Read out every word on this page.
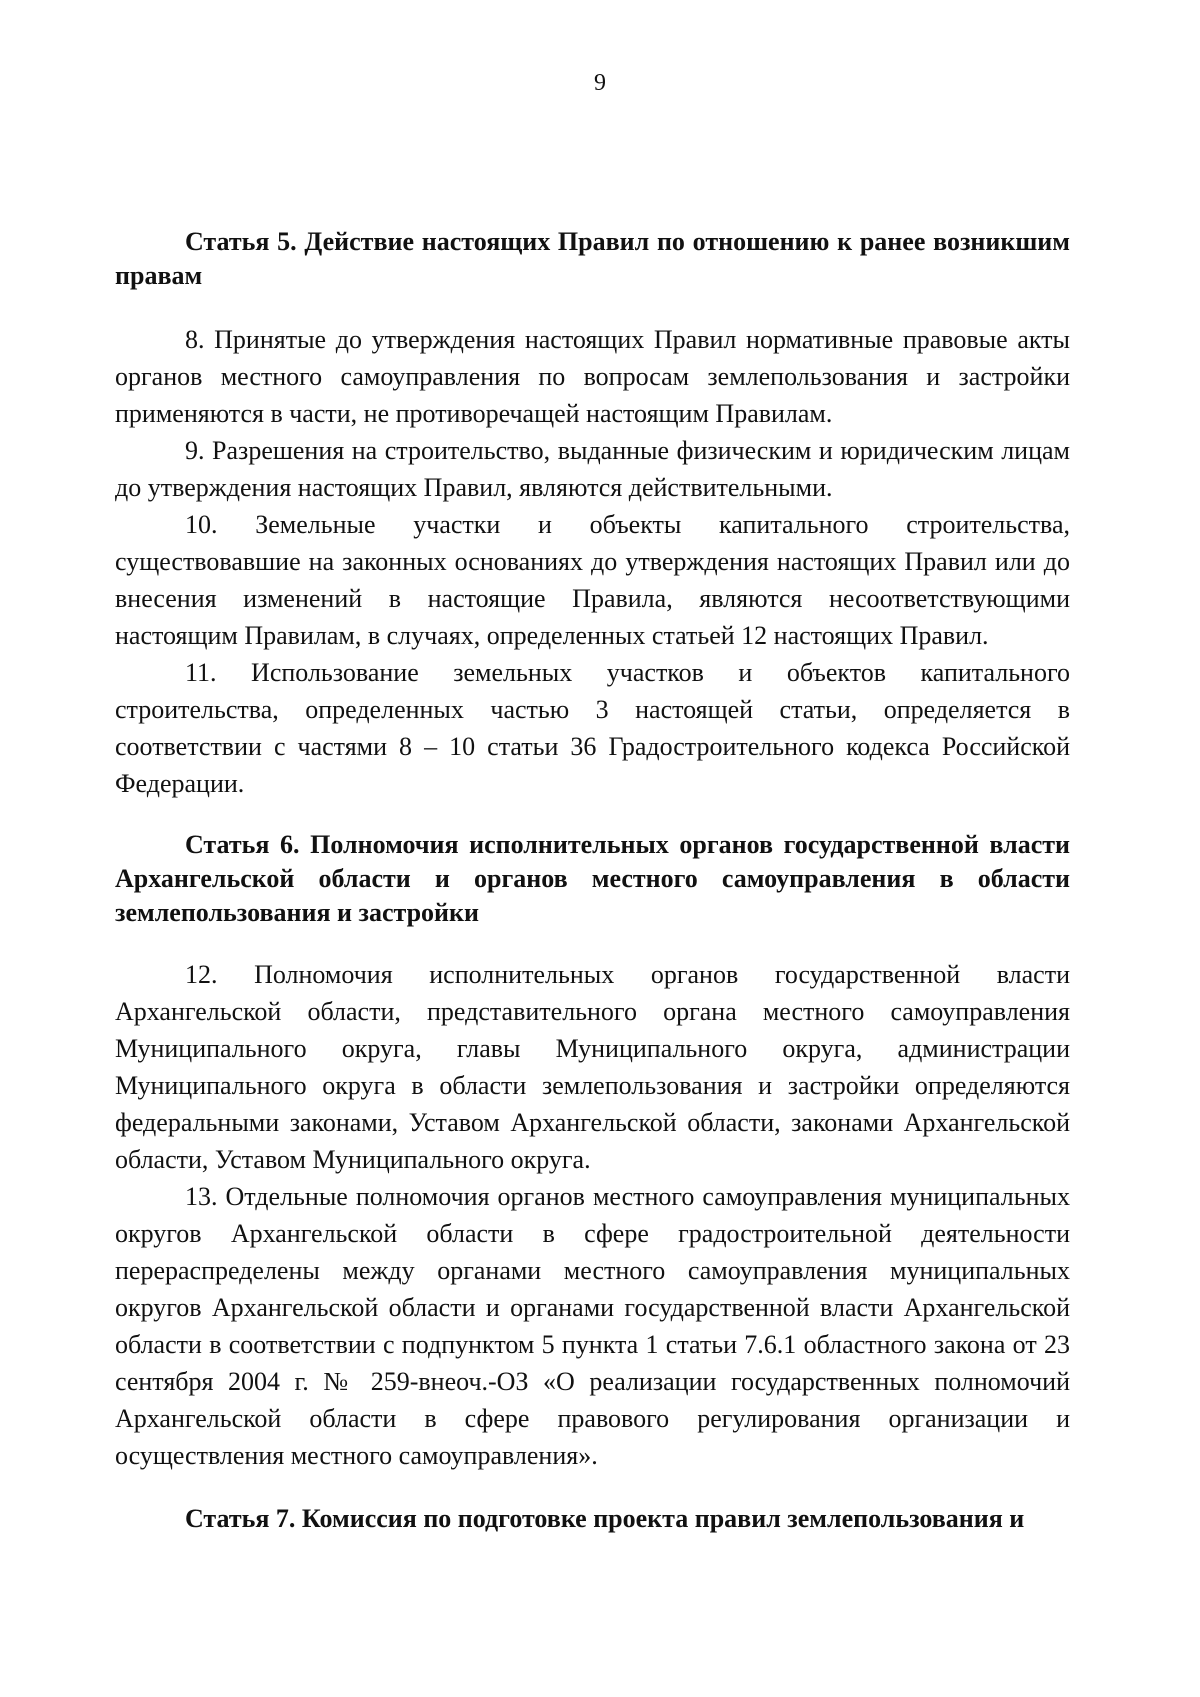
9

Статья 5. Действие настоящих Правил по отношению к ранее возникшим правам

8. Принятые до утверждения настоящих Правил нормативные правовые акты органов местного самоуправления по вопросам землепользования и застройки применяются в части, не противоречащей настоящим Правилам.

9. Разрешения на строительство, выданные физическим и юридическим лицам до утверждения настоящих Правил, являются действительными.

10. Земельные участки и объекты капитального строительства, существовавшие на законных основаниях до утверждения настоящих Правил или до внесения изменений в настоящие Правила, являются несоответствующими настоящим Правилам, в случаях, определенных статьей 12 настоящих Правил.

11. Использование земельных участков и объектов капитального строительства, определенных частью 3 настоящей статьи, определяется в соответствии с частями 8 – 10 статьи 36 Градостроительного кодекса Российской Федерации.

Статья 6. Полномочия исполнительных органов государственной власти Архангельской области и органов местного самоуправления в области землепользования и застройки

12. Полномочия исполнительных органов государственной власти Архангельской области, представительного органа местного самоуправления Муниципального округа, главы Муниципального округа, администрации Муниципального округа в области землепользования и застройки определяются федеральными законами, Уставом Архангельской области, законами Архангельской области, Уставом Муниципального округа.

13. Отдельные полномочия органов местного самоуправления муниципальных округов Архангельской области в сфере градостроительной деятельности перераспределены между органами местного самоуправления муниципальных округов Архангельской области и органами государственной власти Архангельской области в соответствии с подпунктом 5 пункта 1 статьи 7.6.1 областного закона от 23 сентября 2004 г. № 259-внеоч.-ОЗ «О реализации государственных полномочий Архангельской области в сфере правового регулирования организации и осуществления местного самоуправления».

Статья 7. Комиссия по подготовке проекта правил землепользования и
